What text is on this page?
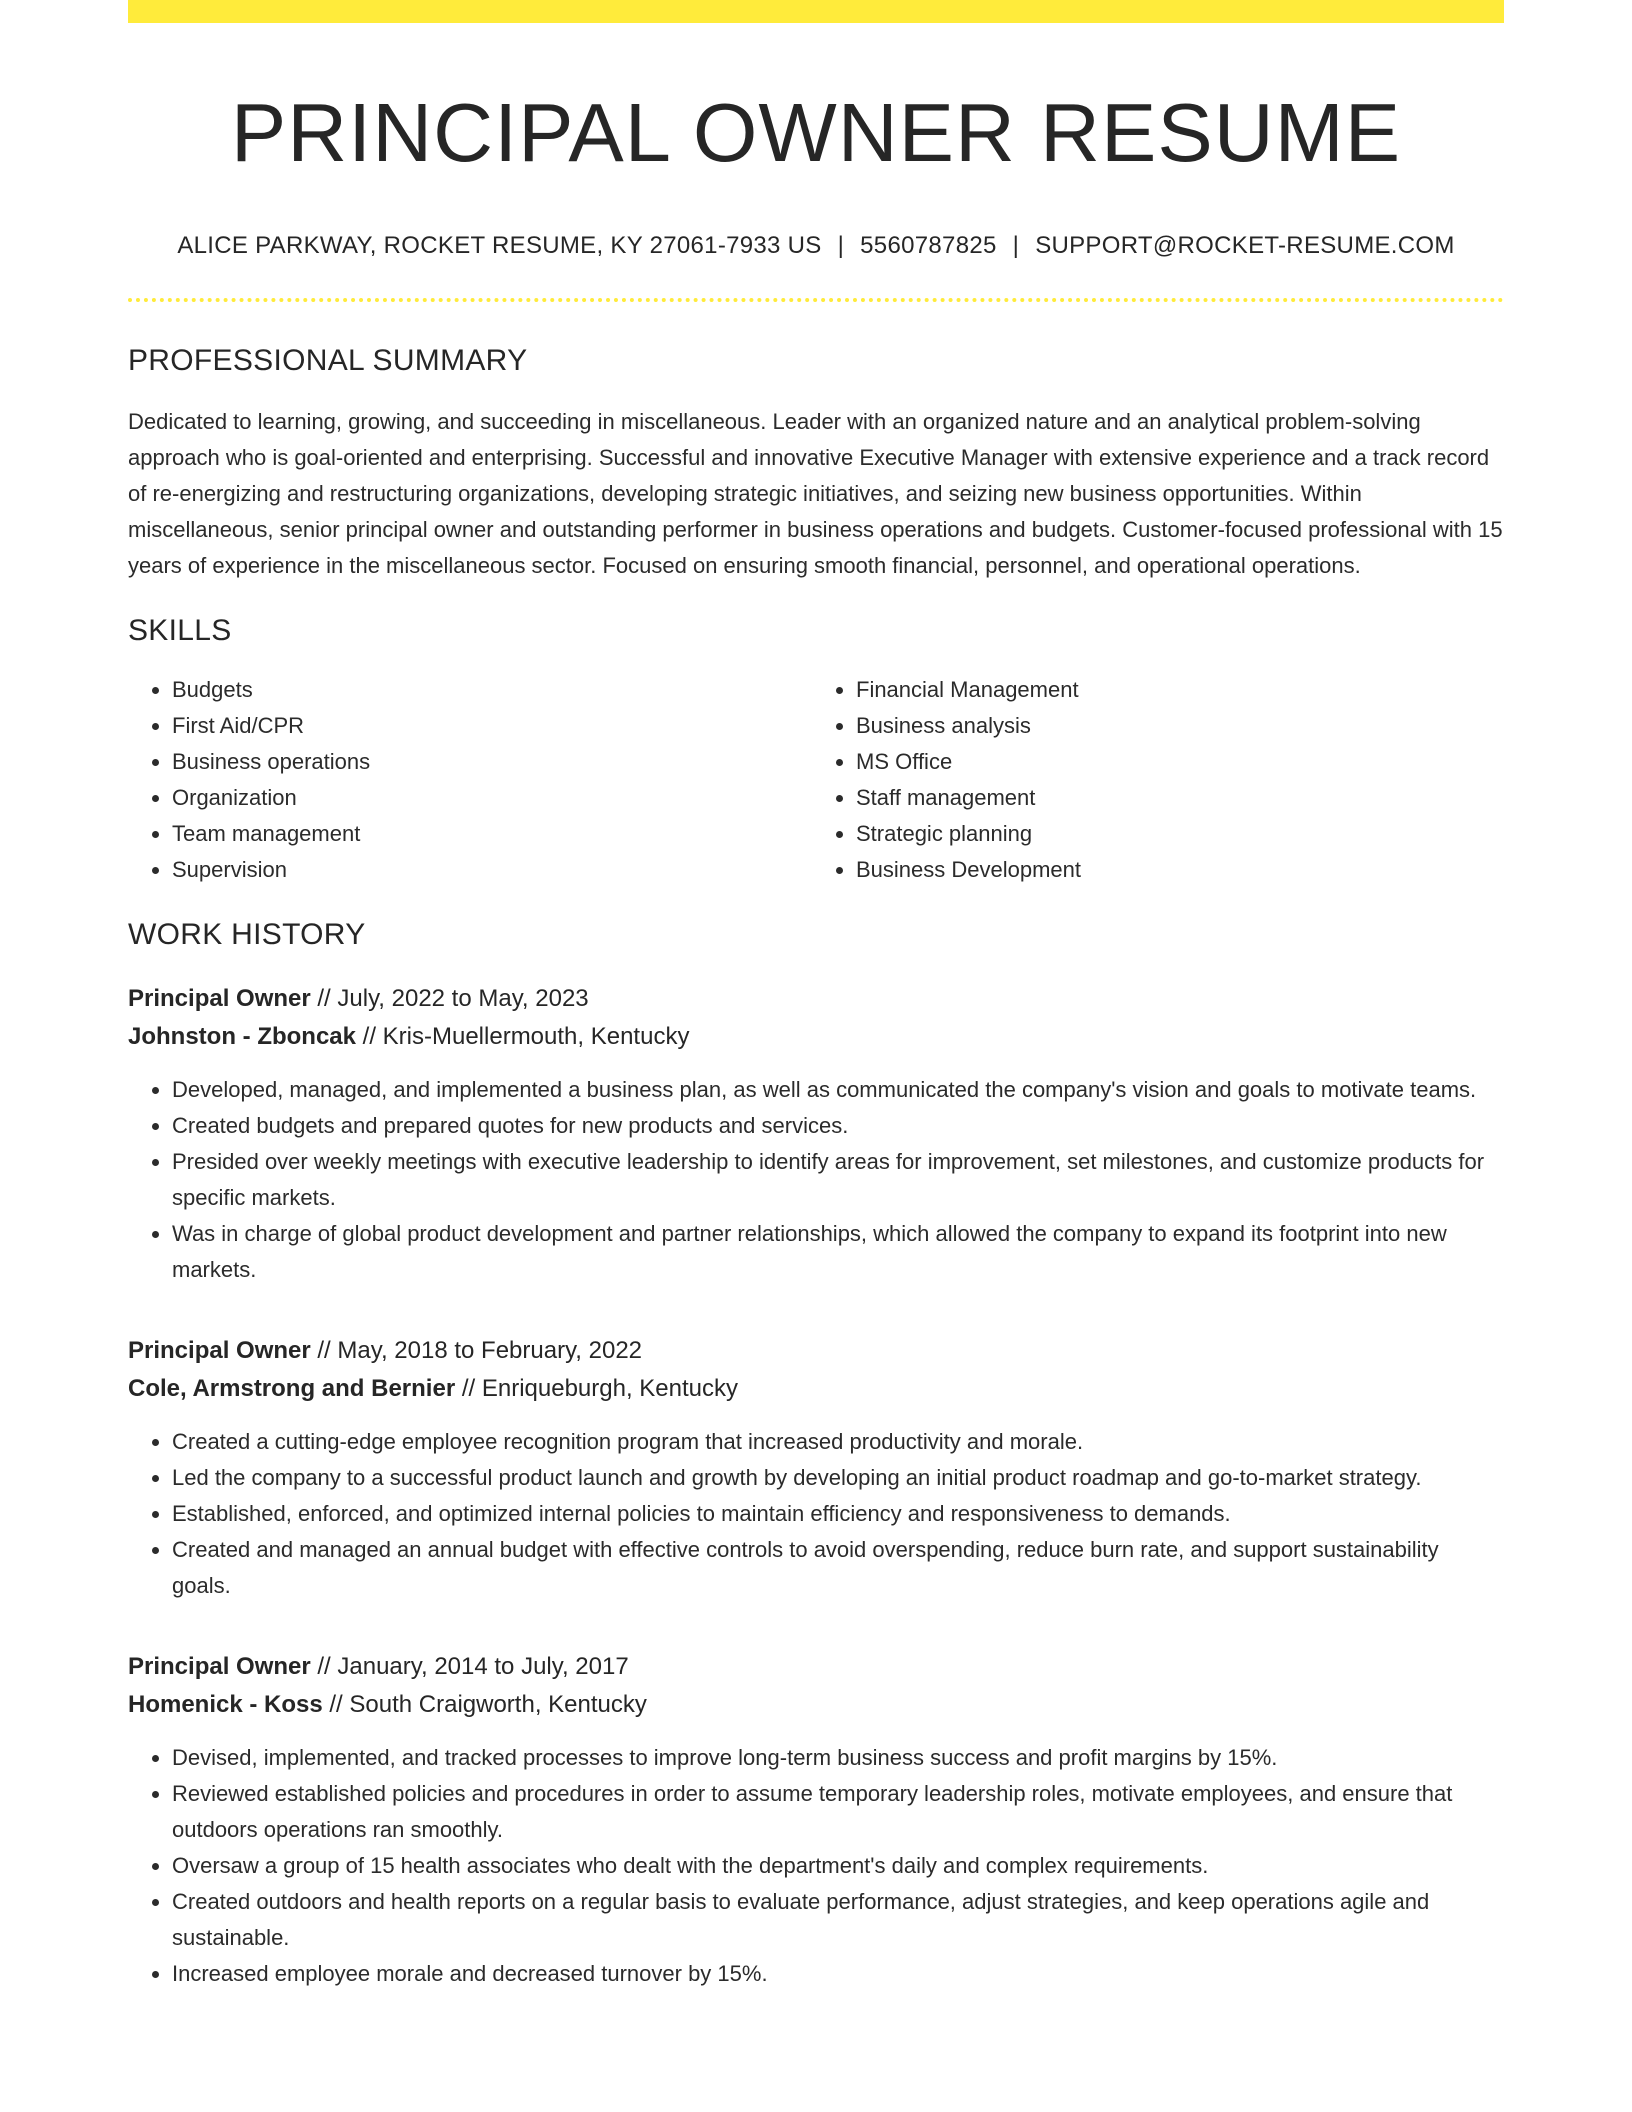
PRINCIPAL OWNER RESUME
ALICE PARKWAY, ROCKET RESUME, KY 27061-7933 US | 5560787825 | SUPPORT@ROCKET-RESUME.COM
PROFESSIONAL SUMMARY

Dedicated to learning, growing, and succeeding in miscellaneous. Leader with an organized nature and an analytical problem-solving approach who is goal-oriented and enterprising. Successful and innovative Executive Manager with extensive experience and a track record of re-energizing and restructuring organizations, developing strategic initiatives, and seizing new business opportunities. Within miscellaneous, senior principal owner and outstanding performer in business operations and budgets. Customer-focused professional with 15 years of experience in the miscellaneous sector. Focused on ensuring smooth financial, personnel, and operational operations.

SKILLS
• Budgets
• First Aid/CPR
• Business operations
• Organization
• Team management
• Supervision
• Financial Management
• Business analysis
• MS Office
• Staff management
• Strategic planning
• Business Development
WORK HISTORY
Principal Owner // July, 2022 to May, 2023
Johnston - Zboncak // Kris-Muellermouth, Kentucky
• Developed, managed, and implemented a business plan, as well as communicated the company's vision and goals to motivate teams.
• Created budgets and prepared quotes for new products and services.
• Presided over weekly meetings with executive leadership to identify areas for improvement, set milestones, and customize products for specific markets.
• Was in charge of global product development and partner relationships, which allowed the company to expand its footprint into new markets.
Principal Owner // May, 2018 to February, 2022
Cole, Armstrong and Bernier // Enriqueburgh, Kentucky
• Created a cutting-edge employee recognition program that increased productivity and morale.
• Led the company to a successful product launch and growth by developing an initial product roadmap and go-to-market strategy.
• Established, enforced, and optimized internal policies to maintain efficiency and responsiveness to demands.
• Created and managed an annual budget with effective controls to avoid overspending, reduce burn rate, and support sustainability goals.
Principal Owner // January, 2014 to July, 2017
Homenick - Koss // South Craigworth, Kentucky
• Devised, implemented, and tracked processes to improve long-term business success and profit margins by 15%.
• Reviewed established policies and procedures in order to assume temporary leadership roles, motivate employees, and ensure that outdoors operations ran smoothly.
• Oversaw a group of 15 health associates who dealt with the department's daily and complex requirements.
• Created outdoors and health reports on a regular basis to evaluate performance, adjust strategies, and keep operations agile and sustainable.
• Increased employee morale and decreased turnover by 15%.
